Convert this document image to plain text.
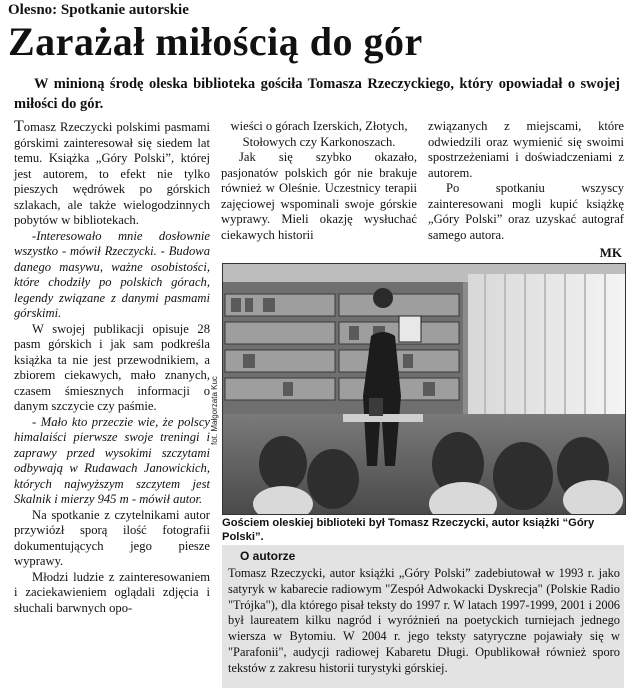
Olesno: Spotkanie autorskie
Zarażał miłością do gór
W minioną środę oleska biblioteka gościła Tomasza Rzeczyckiego, który opowiadał o swojej miłości do gór.

Tomasz Rzeczycki polskimi pasmami górskimi zainteresował się siedem lat temu. Książka „Góry Polski”, której jest autorem, to efekt nie tylko pieszych wędrówek po górskich szlakach, ale także wielogodzinnych pobytów w bibliotekach.

-Interesowało mnie dosłownie wszystko - mówił Rzeczycki. - Budowa danego masywu, ważne osobistości, które chodziły po polskich górach, legendy związane z danymi pasmami górskimi.

W swojej publikacji opisuje 28 pasm górskich i jak sam podkreśla książka ta nie jest przewodnikiem, a zbiorem ciekawych, mało znanych, czasem śmiesznych informacji o danym szczycie czy paśmie.

- Mało kto przeczie wie, że polscy himalaiści pierwsze swoje treningi i zaprawy przed wysokimi szczytami odbywają w Rudawach Janowickich, których najwyższym szczytem jest Skalnik i mierzy 945 m - mówił autor.

Na spotkanie z czytelnikami autor przywiózł sporą ilość fotografii dokumentujących jego piesze wyprawy.

Młodzi ludzie z zainteresowaniem i zaciekawieniem oglądali zdjęcia i słuchali barwnych opo-

wieści o górach Izerskich, Złotych, Stołowych czy Karkonoszach.

Jak się szybko okazało, pasjonatów polskich gór nie brakuje również w Oleśnie. Uczestnicy terapii zajęciowej wspominali swoje górskie wyprawy. Mieli okazję wysłuchać ciekawych historii

związanych z miejscami, które odwiedzili oraz wymienić się swoimi spostrzeżeniami i doświadczeniami z autorem.

Po spotkaniu wszyscy zainteresowani mogli kupić książkę „Góry Polski” oraz uzyskać autograf samego autora.

MK
fot. Małgorzata Kuc
Gościem oleskiej biblioteki był Tomasz Rzeczycki, autor książki “Góry Polski”.
O autorze
Tomasz Rzeczycki, autor książki „Góry Polski” zadebiutował w 1993 r. jako satyryk w kabarecie radiowym "Zespół Adwokacki Dyskrecja" (Polskie Radio "Trójka"), dla którego pisał teksty do 1997 r. W latach 1997-1999, 2001 i 2006 był laureatem kilku nagród i wyróżnień na poetyckich turniejach jednego wiersza w Bytomiu. W 2004 r. jego teksty satyryczne pojawiały się w "Parafonii", audycji radiowej Kabaretu Długi. Opublikował również sporo tekstów z zakresu historii turystyki górskiej.
